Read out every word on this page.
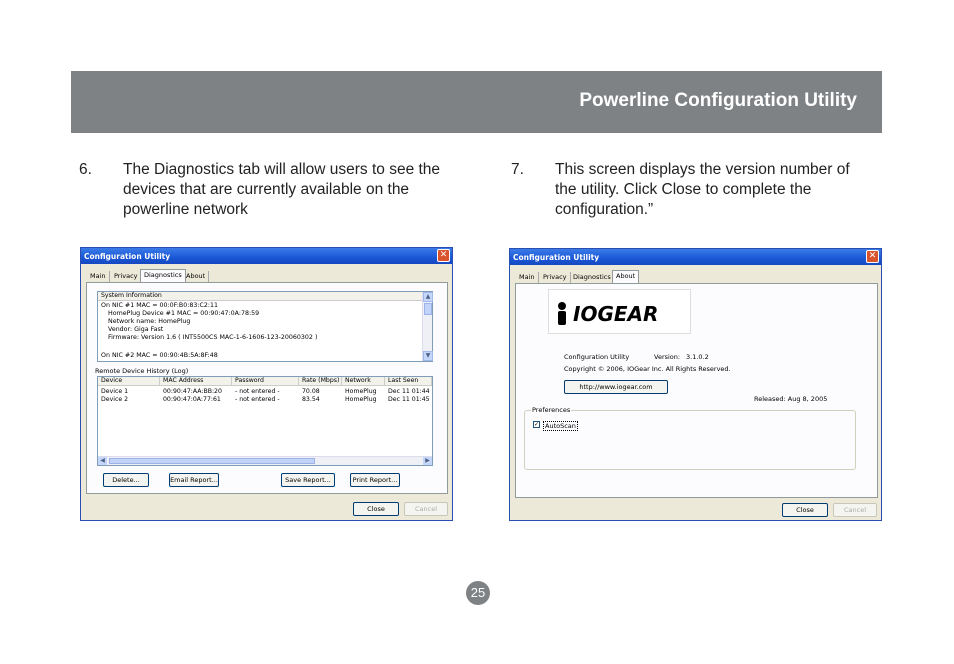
Powerline Configuration Utility
6. The Diagnostics tab will allow users to see the devices that are currently available on the powerline network
7. This screen displays the version number of the utility. Click Close to complete the configuration.”
Configuration Utility	✕
Main	Privacy Diagnostics About
System Information
On NIC #1 MAC = 00:0F:B0:83:C2:11
HomePlug Device #1 MAC = 00:90:47:0A:78:59
Network name: HomePlug
Vendor: Giga Fast
Firmware: Version 1.6 ( INT5500CS MAC-1-6-1606-123-20060302 )
On NIC #2 MAC = 00:90:4B:5A:8F:48
▲
▼
Remote Device History (Log)
Device	MAC Address	Password	Rate (Mbps) Network	Last Seen
Device 1	00:90:47:AA:BB:20	- not entered -	70.08	HomePlug	Dec 11 01:44
Device 2	00:90:47:0A:77:61	- not entered -	83.54	HomePlug	Dec 11 01:45
◀	▶
Delete...	Email Report...	Save Report...	Print Report...
Close	Cancel
Configuration Utility	✕
Main	Privacy Diagnostics About
IOGEAR
Configuration Utility	Version: 3.1.0.2
Copyright © 2006, IOGear Inc. All Rights Reserved.
http://www.iogear.com
Released: Aug 8, 2005
Preferences
✓ AutoScan
Close	Cancel
25
